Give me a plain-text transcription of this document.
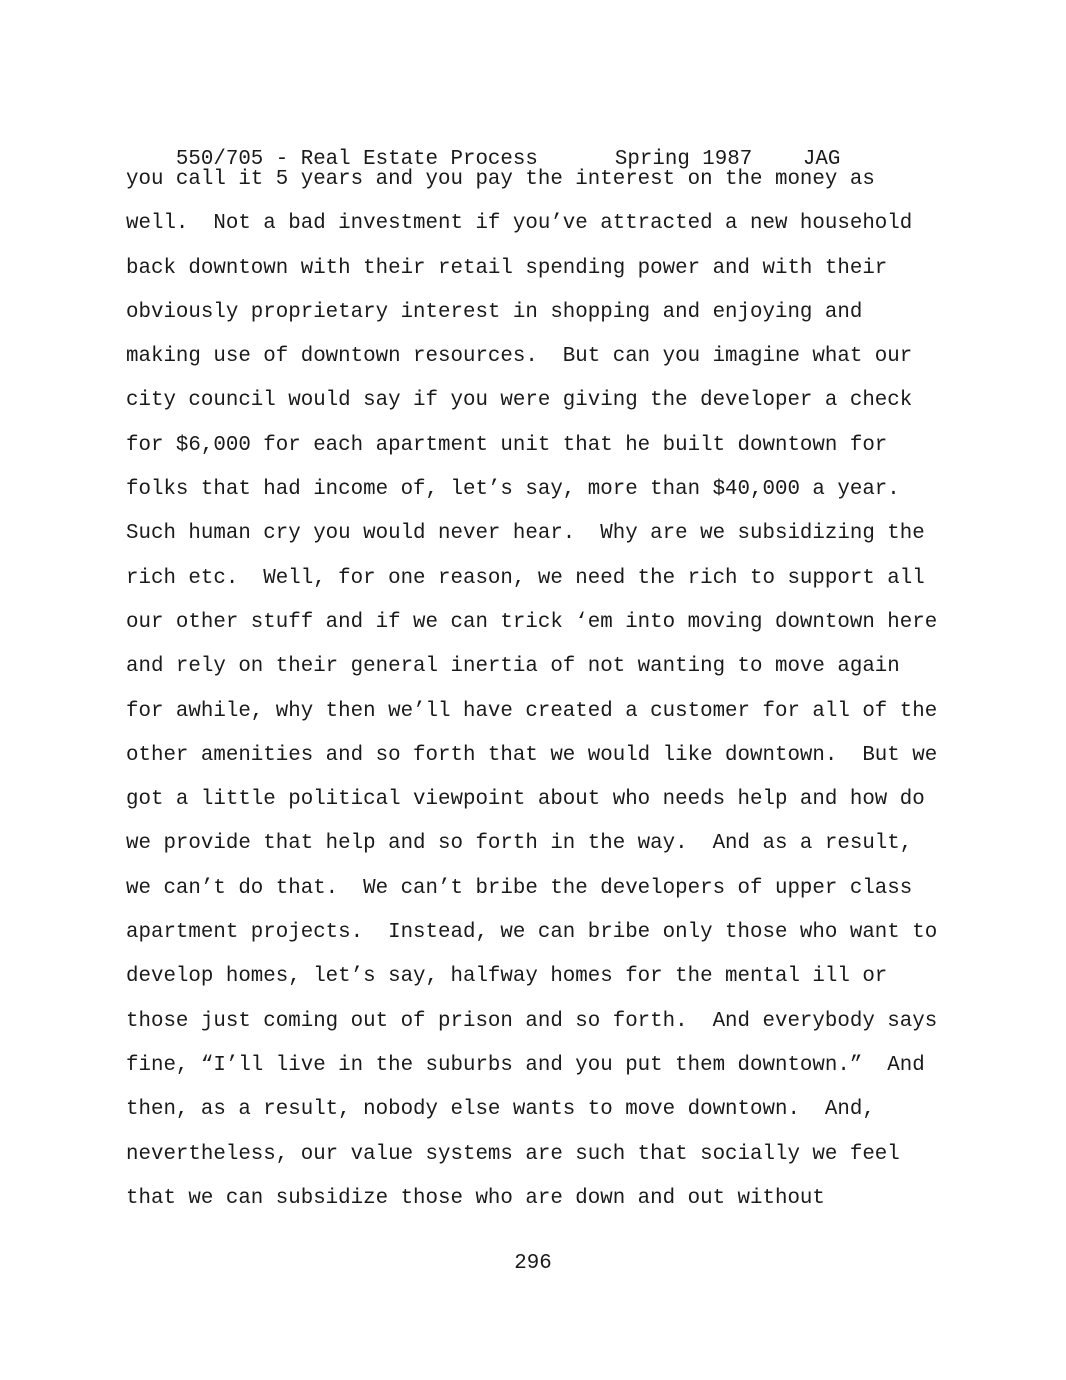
550/705 - Real Estate Process	Spring 1987 JAG

you call it 5 years and you pay the interest on the money as
well.  Not a bad investment if you’ve attracted a new household
back downtown with their retail spending power and with their
obviously proprietary interest in shopping and enjoying and
making use of downtown resources.  But can you imagine what our
city council would say if you were giving the developer a check
for $6,000 for each apartment unit that he built downtown for
folks that had income of, let’s say, more than $40,000 a year.
Such human cry you would never hear.  Why are we subsidizing the
rich etc.  Well, for one reason, we need the rich to support all
our other stuff and if we can trick ‘em into moving downtown here
and rely on their general inertia of not wanting to move again
for awhile, why then we’ll have created a customer for all of the
other amenities and so forth that we would like downtown.  But we
got a little political viewpoint about who needs help and how do
we provide that help and so forth in the way.  And as a result,
we can’t do that.  We can’t bribe the developers of upper class
apartment projects.  Instead, we can bribe only those who want to
develop homes, let’s say, halfway homes for the mental ill or
those just coming out of prison and so forth.  And everybody says
fine, “I’ll live in the suburbs and you put them downtown.”  And
then, as a result, nobody else wants to move downtown.  And,
nevertheless, our value systems are such that socially we feel
that we can subsidize those who are down and out without
296
